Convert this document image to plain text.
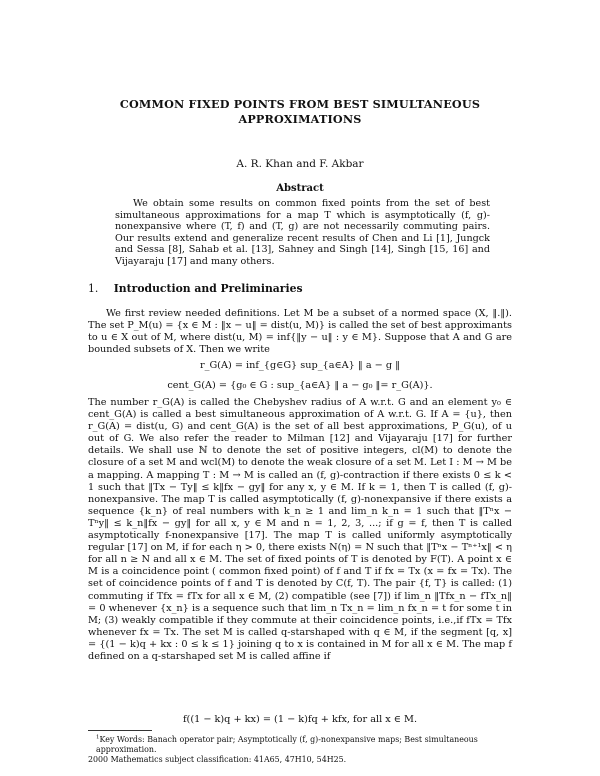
COMMON FIXED POINTS FROM BEST SIMULTANEOUS
APPROXIMATIONS
A. R. Khan and F. Akbar
Abstract
We obtain some results on common fixed points from the set of best simultaneous approximations for a map T which is asymptotically (f, g)-nonexpansive where (T, f) and (T, g) are not necessarily commuting pairs. Our results extend and generalize recent results of Chen and Li [1], Jungck and Sessa [8], Sahab et al. [13], Sahney and Singh [14], Singh [15, 16] and Vijayaraju [17] and many others.
1. Introduction and Preliminaries
We first review needed definitions. Let M be a subset of a normed space (X, ‖.‖). The set P_M(u) = {x ∈ M : ‖x − u‖ = dist(u, M)} is called the set of best approximants to u ∈ X out of M, where dist(u, M) = inf{‖y − u‖ : y ∈ M}. Suppose that A and G are bounded subsets of X. Then we write
r_G(A) = inf_{g∈G} sup_{a∈A} ‖ a − g ‖
cent_G(A) = {g₀ ∈ G : sup_{a∈A} ‖ a − g₀ ‖= r_G(A)}.
The number r_G(A) is called the Chebyshev radius of A w.r.t. G and an element y₀ ∈ cent_G(A) is called a best simultaneous approximation of A w.r.t. G. If A = {u}, then r_G(A) = dist(u, G) and cent_G(A) is the set of all best approximations, P_G(u), of u out of G. We also refer the reader to Milman [12] and Vijayaraju [17] for further details. We shall use ℕ to denote the set of positive integers, cl(M) to denote the closure of a set M and wcl(M) to denote the weak closure of a set M. Let I : M → M be a mapping. A mapping T : M → M is called an (f, g)-contraction if there exists 0 ≤ k < 1 such that ‖Tx − Ty‖ ≤ k‖fx − gy‖ for any x, y ∈ M. If k = 1, then T is called (f, g)-nonexpansive. The map T is called asymptotically (f, g)-nonexpansive if there exists a sequence {k_n} of real numbers with k_n ≥ 1 and lim_n k_n = 1 such that ‖Tⁿx − Tⁿy‖ ≤ k_n‖fx − gy‖ for all x, y ∈ M and n = 1, 2, 3, ...; if g = f, then T is called asymptotically f-nonexpansive [17]. The map T is called uniformly asymptotically regular [17] on M, if for each η > 0, there exists N(η) = N such that ‖Tⁿx − Tⁿ⁺¹x‖ < η for all n ≥ N and all x ∈ M. The set of fixed points of T is denoted by F(T). A point x ∈ M is a coincidence point ( common fixed point) of f and T if fx = Tx (x = fx = Tx). The set of coincidence points of f and T is denoted by C(f, T). The pair {f, T} is called: (1) commuting if Tfx = fTx for all x ∈ M, (2) compatible (see [7]) if lim_n ‖Tfx_n − fTx_n‖ = 0 whenever {x_n} is a sequence such that lim_n Tx_n = lim_n fx_n = t for some t in M; (3) weakly compatible if they commute at their coincidence points, i.e.,if fTx = Tfx whenever fx = Tx. The set M is called q-starshaped with q ∈ M, if the segment [q, x] = {(1 − k)q + kx : 0 ≤ k ≤ 1} joining q to x is contained in M for all x ∈ M. The map f defined on a q-starshaped set M is called affine if
f((1 − k)q + kx) = (1 − k)fq + kfx, for all x ∈ M.
$^1$Key Words: Banach operator pair; Asymptotically (f, g)-nonexpansive maps; Best simultaneous approximation.
2000 Mathematics subject classification: 41A65, 47H10, 54H25.
